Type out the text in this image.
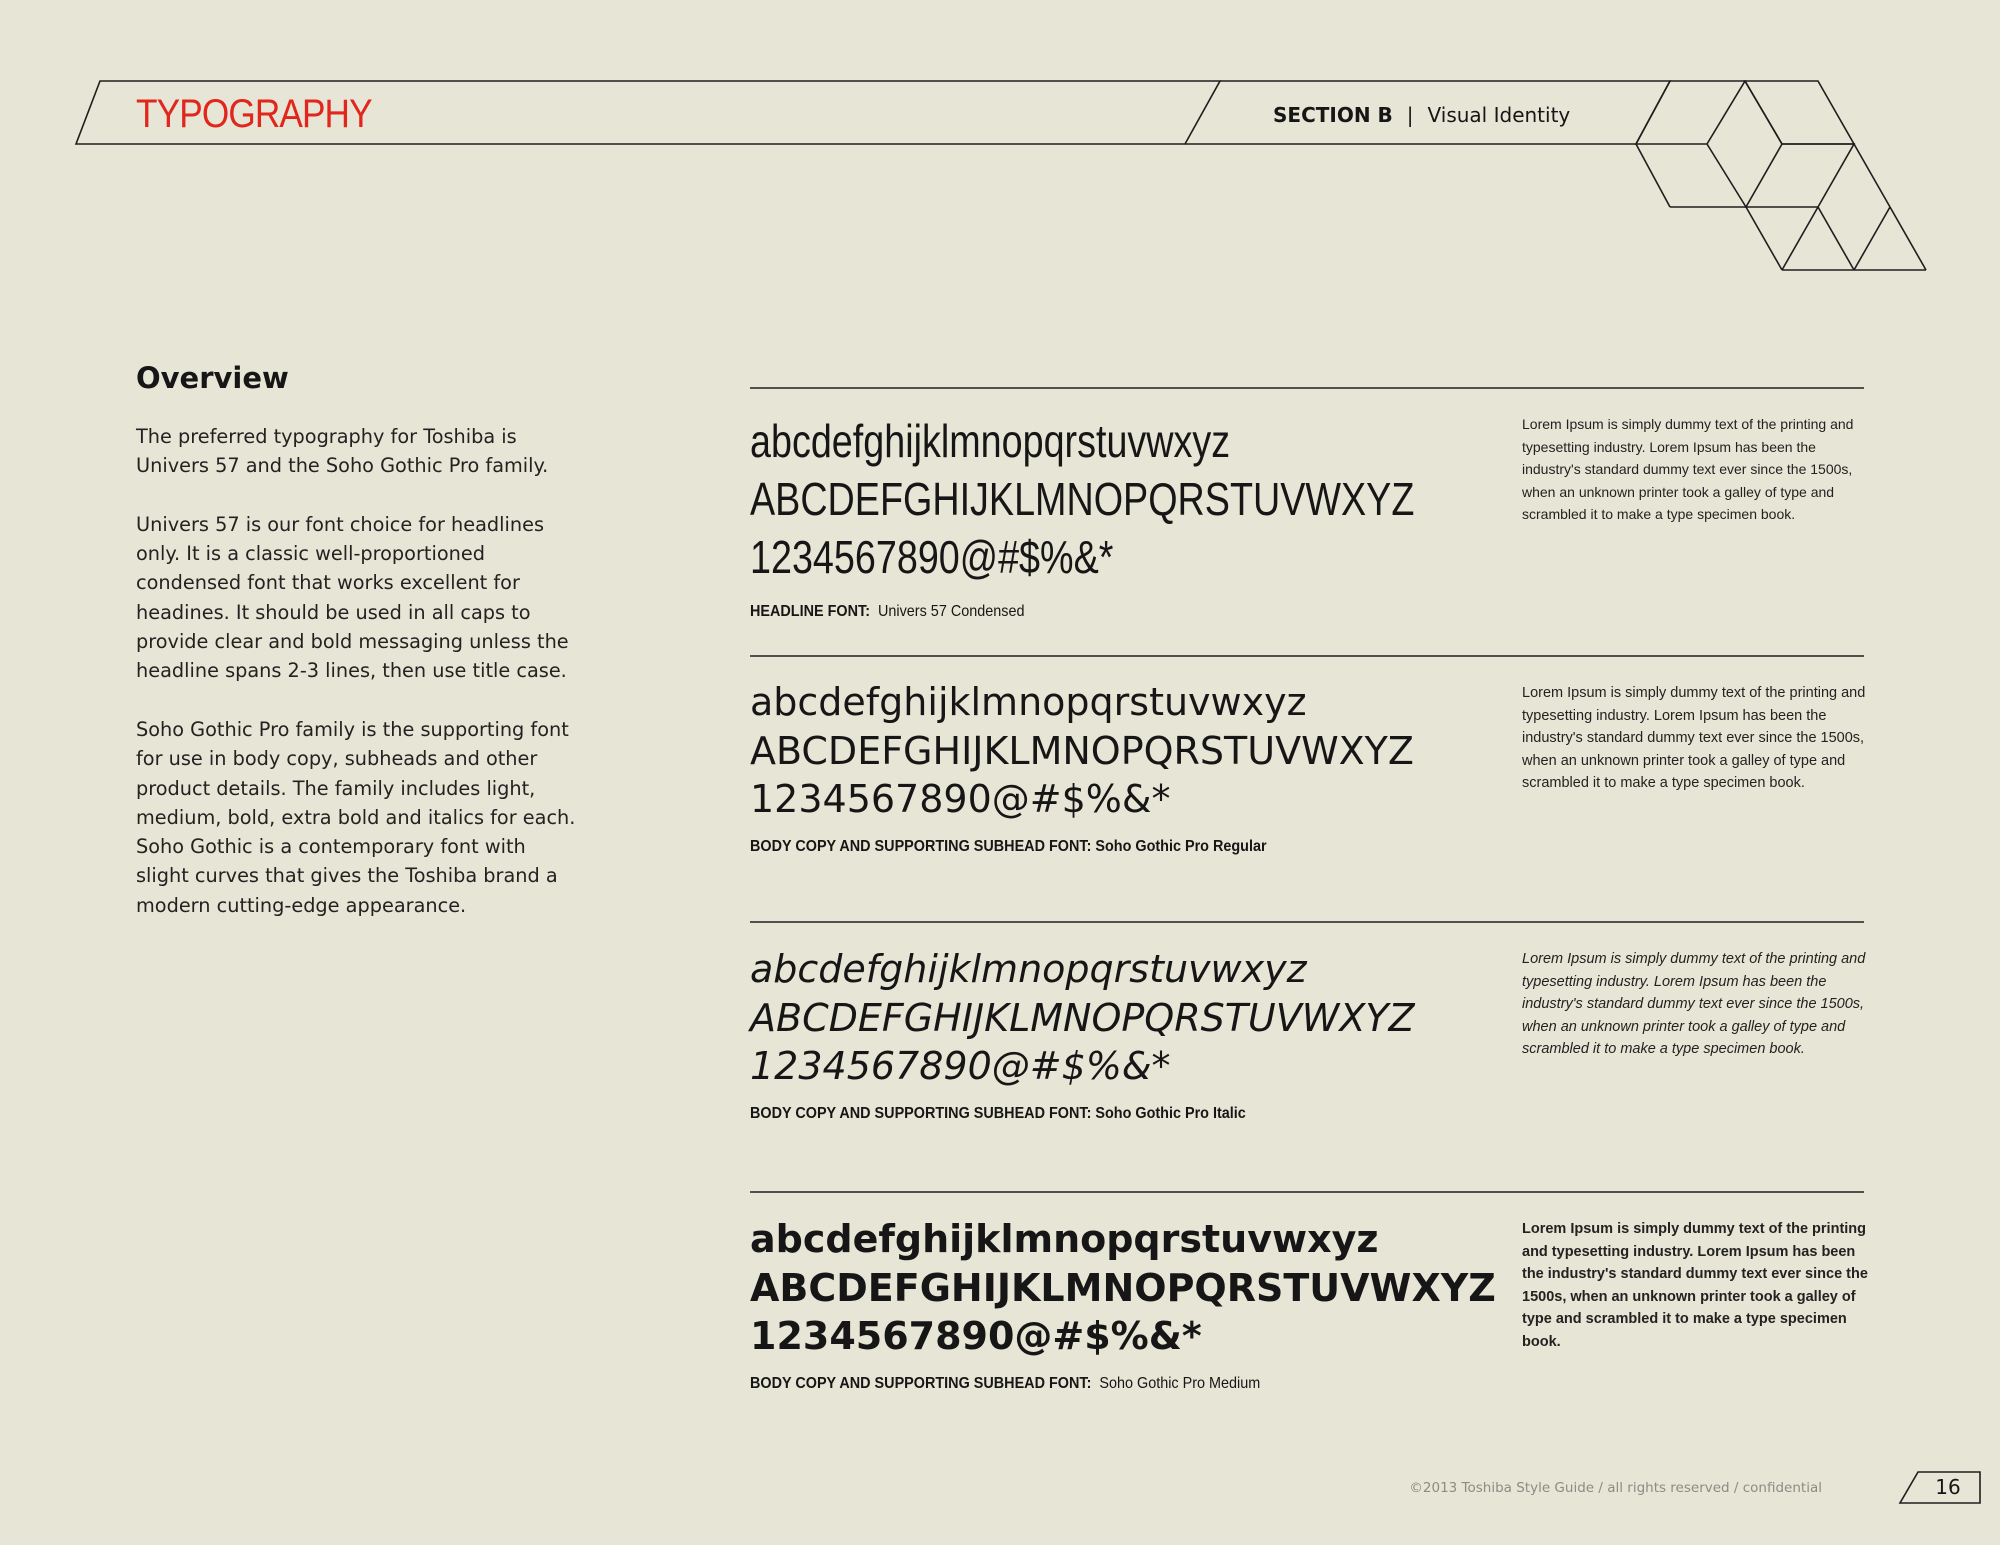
TYPOGRAPHY	SECTION B | Visual Identity
Overview

The preferred typography for Toshiba is Univers 57 and the Soho Gothic Pro family.

Univers 57 is our font choice for headlines only. It is a classic well-proportioned condensed font that works excellent for headines. It should be used in all caps to provide clear and bold messaging unless the headline spans 2-3 lines, then use title case.

Soho Gothic Pro family is the supporting font for use in body copy, subheads and other product details. The family includes light, medium, bold, extra bold and italics for each. Soho Gothic is a contemporary font with slight curves that gives the Toshiba brand a modern cutting-edge appearance.

abcdefghijklmnopqrstuvwxyz
ABCDEFGHIJKLMNOPQRSTUVWXYZ
1234567890@#$%&*
HEADLINE FONT: Univers 57 Condensed
Lorem Ipsum is simply dummy text of the printing and typesetting industry. Lorem Ipsum has been the industry's standard dummy text ever since the 1500s, when an unknown printer took a galley of type and scrambled it to make a type specimen book.
abcdefghijklmnopqrstuvwxyz
ABCDEFGHIJKLMNOPQRSTUVWXYZ
1234567890@#$%&*
BODY COPY AND SUPPORTING SUBHEAD FONT: Soho Gothic Pro Regular
Lorem Ipsum is simply dummy text of the printing and typesetting industry. Lorem Ipsum has been the industry's standard dummy text ever since the 1500s, when an unknown printer took a galley of type and scrambled it to make a type specimen book.
abcdefghijklmnopqrstuvwxyz
ABCDEFGHIJKLMNOPQRSTUVWXYZ
1234567890@#$%&*
BODY COPY AND SUPPORTING SUBHEAD FONT: Soho Gothic Pro Italic
Lorem Ipsum is simply dummy text of the printing and typesetting industry. Lorem Ipsum has been the industry's standard dummy text ever since the 1500s, when an unknown printer took a galley of type and scrambled it to make a type specimen book.
abcdefghijklmnopqrstuvwxyz
ABCDEFGHIJKLMNOPQRSTUVWXYZ
1234567890@#$%&*
BODY COPY AND SUPPORTING SUBHEAD FONT: Soho Gothic Pro Medium
Lorem Ipsum is simply dummy text of the printing and typesetting industry. Lorem Ipsum has been the industry's standard dummy text ever since the 1500s, when an unknown printer took a galley of type and scrambled it to make a type specimen book.
©2013 Toshiba Style Guide / all rights reserved / confidential	16
